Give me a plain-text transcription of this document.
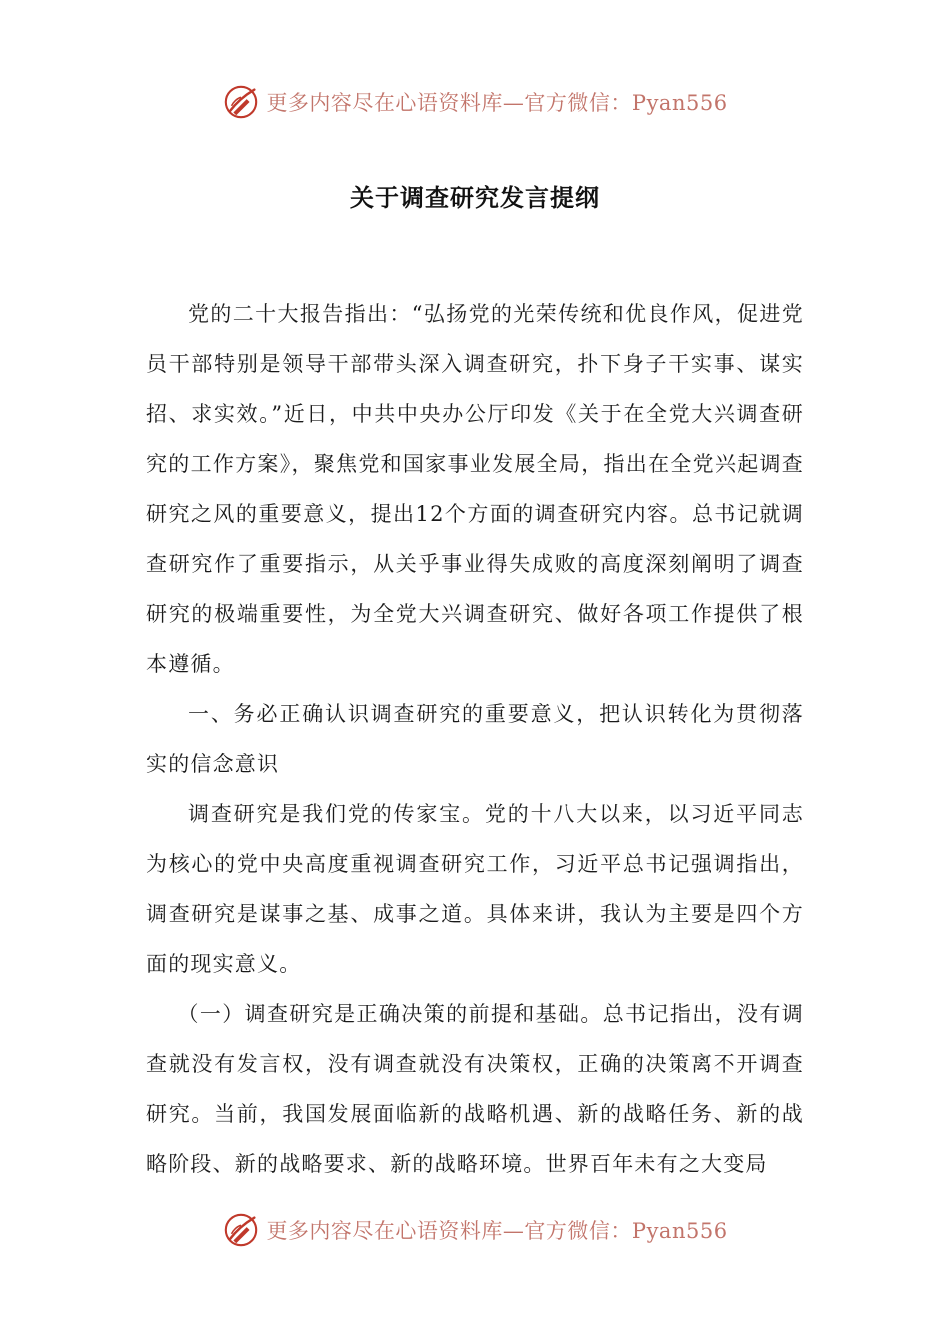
更多内容尽在心语资料库—官方微信：Pyan556
关于调查研究发言提纲

党的二十大报告指出：“弘扬党的光荣传统和优良作风，促进党员干部特别是领导干部带头深入调查研究，扑下身子干实事、谋实招、求实效。”近日，中共中央办公厅印发《关于在全党大兴调查研究的工作方案》，聚焦党和国家事业发展全局，指出在全党兴起调查研究之风的重要意义，提出12个方面的调查研究内容。总书记就调查研究作了重要指示，从关乎事业得失成败的高度深刻阐明了调查研究的极端重要性，为全党大兴调查研究、做好各项工作提供了根本遵循。

一、务必正确认识调查研究的重要意义，把认识转化为贯彻落实的信念意识

调查研究是我们党的传家宝。党的十八大以来，以习近平同志为核心的党中央高度重视调查研究工作，习近平总书记强调指出，调查研究是谋事之基、成事之道。具体来讲，我认为主要是四个方面的现实意义。

（一）调查研究是正确决策的前提和基础。总书记指出，没有调查就没有发言权，没有调查就没有决策权，正确的决策离不开调查研究。当前，我国发展面临新的战略机遇、新的战略任务、新的战略阶段、新的战略要求、新的战略环境。世界百年未有之大变局

更多内容尽在心语资料库—官方微信：Pyan556
